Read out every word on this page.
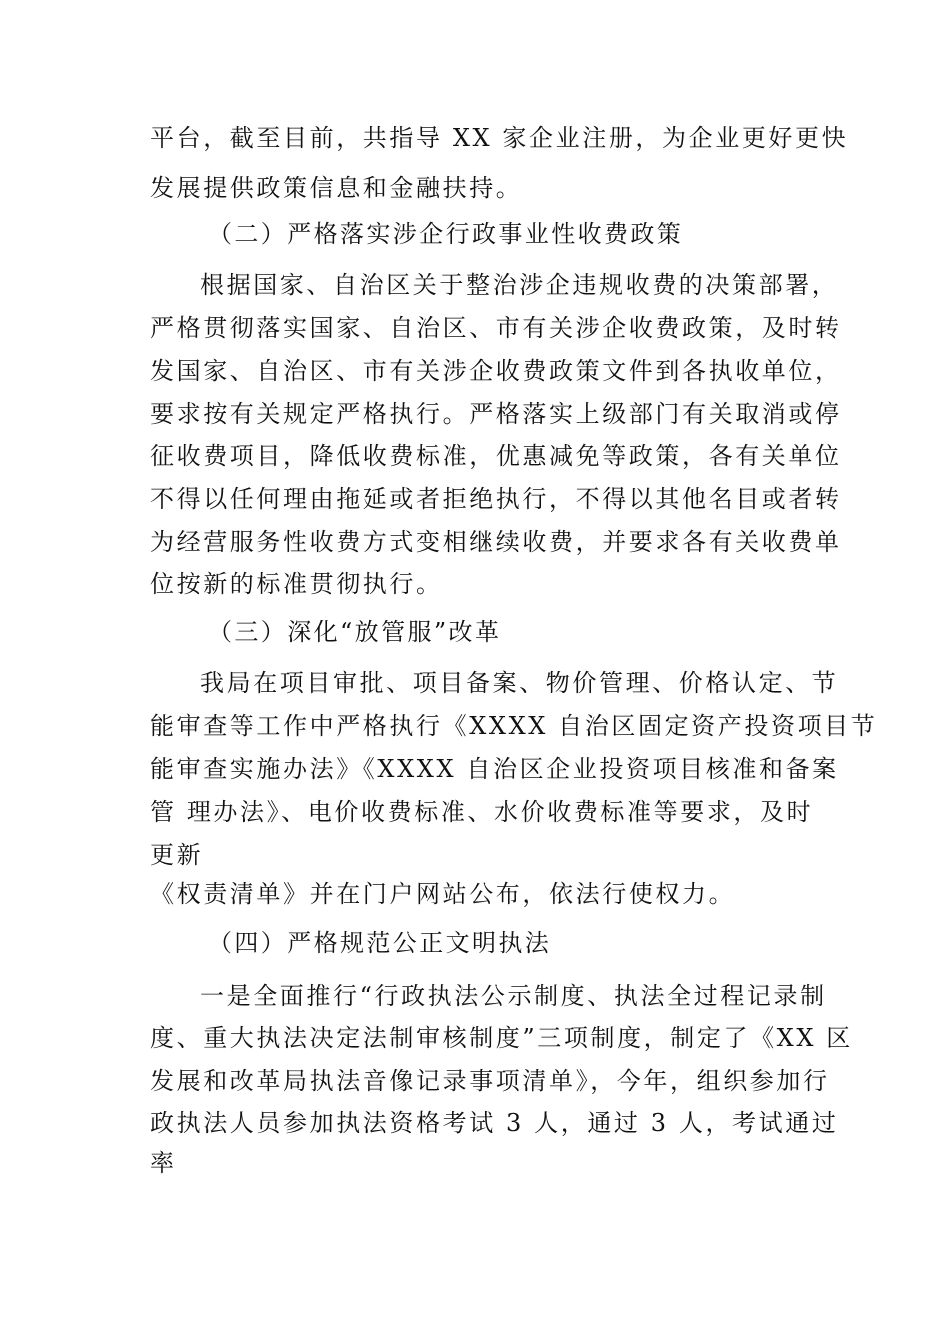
平台，截至目前，共指导 XX 家企业注册，为企业更好更快
发展提供政策信息和金融扶持。
（二）严格落实涉企行政事业性收费政策
根据国家、自治区关于整治涉企违规收费的决策部署，
严格贯彻落实国家、自治区、市有关涉企收费政策，及时转
发国家、自治区、市有关涉企收费政策文件到各执收单位，
要求按有关规定严格执行。严格落实上级部门有关取消或停
征收费项目，降低收费标准，优惠减免等政策，各有关单位
不得以任何理由拖延或者拒绝执行，不得以其他名目或者转
为经营服务性收费方式变相继续收费，并要求各有关收费单
位按新的标准贯彻执行。
（三）深化“放管服”改革
我局在项目审批、项目备案、物价管理、价格认定、节
能审查等工作中严格执行《XXXX 自治区固定资产投资项目节
能审查实施办法》《XXXX 自治区企业投资项目核准和备案
管 理办法》、电价收费标准、水价收费标准等要求，及时
更新
《权责清单》并在门户网站公布，依法行使权力。
（四）严格规范公正文明执法
一是全面推行“行政执法公示制度、执法全过程记录制
度、重大执法决定法制审核制度”三项制度，制定了《XX 区
发展和改革局执法音像记录事项清单》，今年，组织参加行
政执法人员参加执法资格考试 3 人，通过 3 人，考试通过
率
